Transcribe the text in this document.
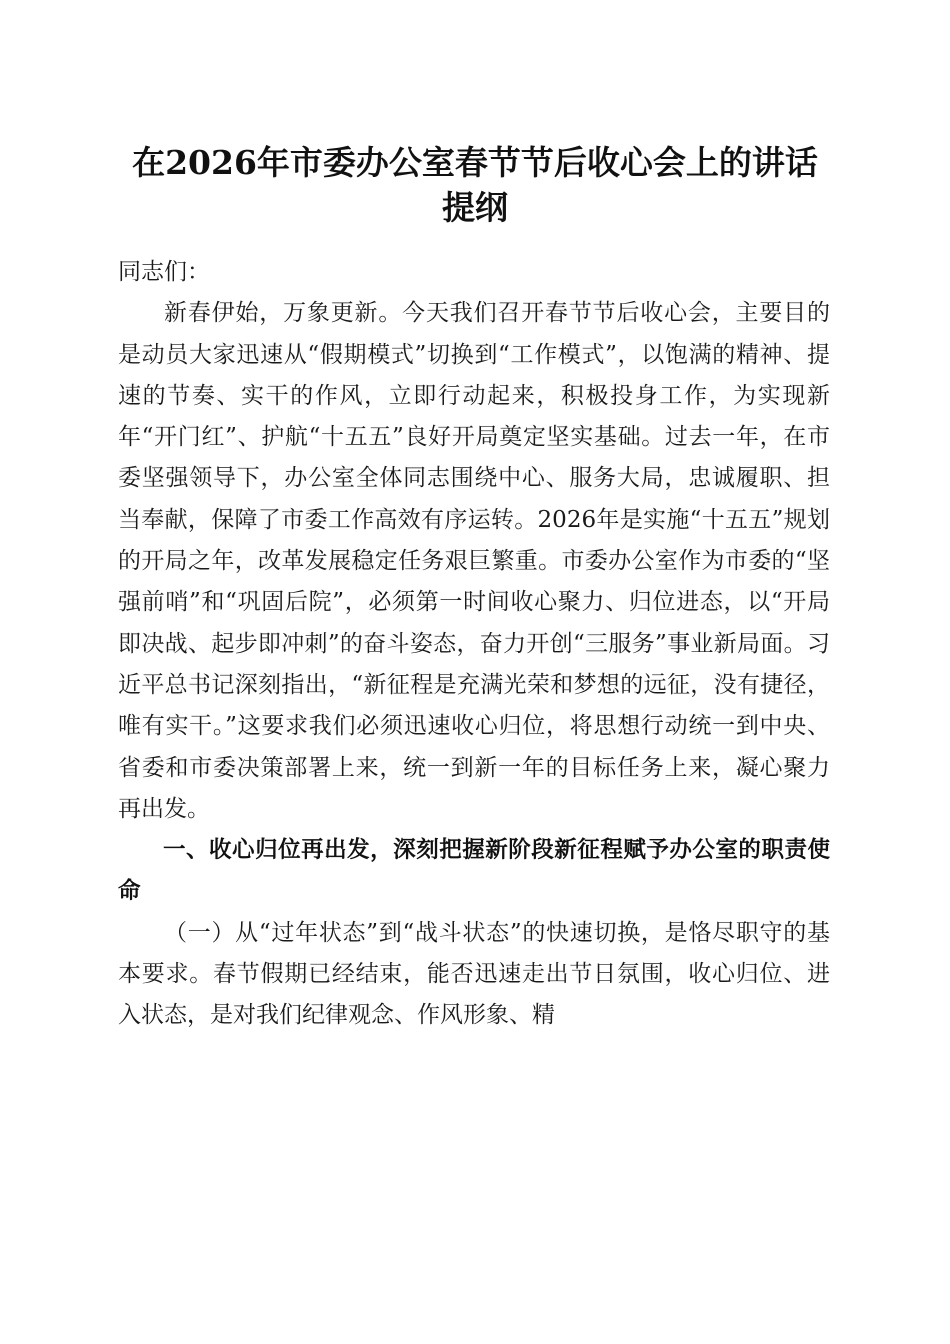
在2026年市委办公室春节节后收心会上的讲话提纲

同志们：

新春伊始，万象更新。今天我们召开春节节后收心会，主要目的是动员大家迅速从“假期模式”切换到“工作模式”，以饱满的精神、提速的节奏、实干的作风，立即行动起来，积极投身工作，为实现新年“开门红”、护航“十五五”良好开局奠定坚实基础。过去一年，在市委坚强领导下，办公室全体同志围绕中心、服务大局，忠诚履职、担当奉献，保障了市委工作高效有序运转。2026年是实施“十五五”规划的开局之年，改革发展稳定任务艰巨繁重。市委办公室作为市委的“坚强前哨”和“巩固后院”，必须第一时间收心聚力、归位进态，以“开局即决战、起步即冲刺”的奋斗姿态，奋力开创“三服务”事业新局面。习近平总书记深刻指出，“新征程是充满光荣和梦想的远征，没有捷径，唯有实干。”这要求我们必须迅速收心归位，将思想行动统一到中央、省委和市委决策部署上来，统一到新一年的目标任务上来，凝心聚力再出发。

一、收心归位再出发，深刻把握新阶段新征程赋予办公室的职责使命

（一）从“过年状态”到“战斗状态”的快速切换，是恪尽职守的基本要求。春节假期已经结束，能否迅速走出节日氛围，收心归位、进入状态，是对我们纪律观念、作风形象、精
